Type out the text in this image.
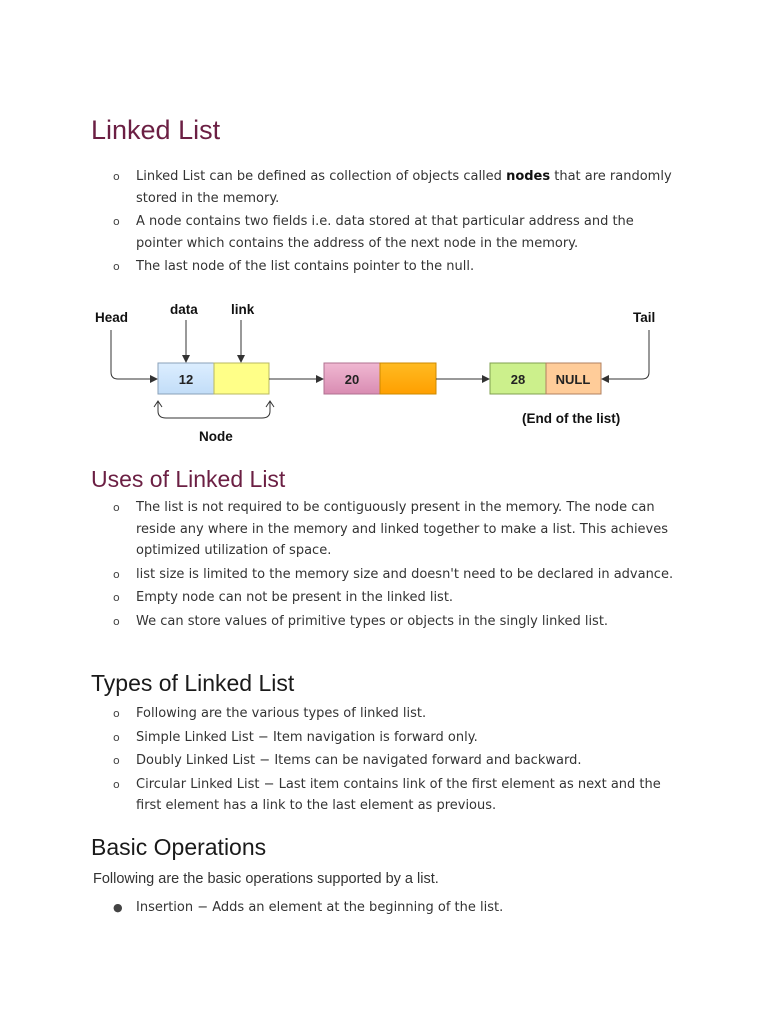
Linked List
o Linked List can be defined as collection of objects called nodes that are randomly stored in the memory.
o A node contains two fields i.e. data stored at that particular address and the pointer which contains the address of the next node in the memory.
o The last node of the list contains pointer to the null.
Head
data link
Tail
12	20	28 NULL
Node
(End of the list)
Uses of Linked List
o The list is not required to be contiguously present in the memory. The node can reside any where in the memory and linked together to make a list. This achieves optimized utilization of space.
o list size is limited to the memory size and doesn't need to be declared in advance.
o Empty node can not be present in the linked list.
o We can store values of primitive types or objects in the singly linked list.
Types of Linked List
o Following are the various types of linked list.
o Simple Linked List − Item navigation is forward only.
o Doubly Linked List − Items can be navigated forward and backward.
o Circular Linked List − Last item contains link of the first element as next and the first element has a link to the last element as previous.
Basic Operations

Following are the basic operations supported by a list.

● Insertion − Adds an element at the beginning of the list.
